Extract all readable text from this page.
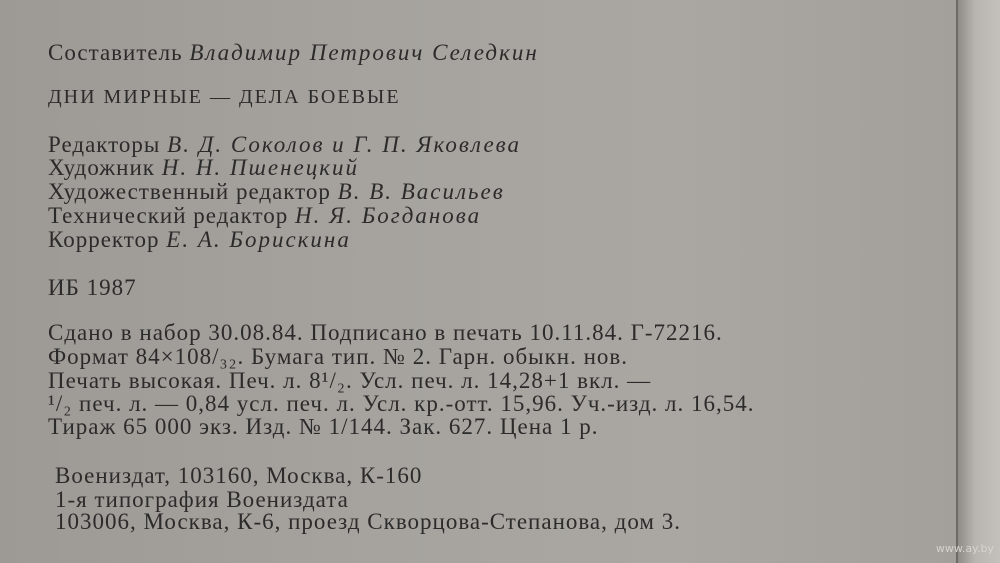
Составитель Владимир Петрович Селедкин
ДНИ МИРНЫЕ — ДЕЛА БОЕВЫЕ
Редакторы В. Д. Соколов и Г. П. Яковлева
Художник Н. Н. Пшенецкий
Художественный редактор В. В. Васильев
Технический редактор Н. Я. Богданова
Корректор Е. А. Борискина
ИБ 1987
Сдано в набор 30.08.84. Подписано в печать 10.11.84. Г-72216.
Формат 84×108/₃₂. Бумага тип. № 2. Гарн. обыкн. нов.
Печать высокая. Печ. л. 8¹/₂. Усл. печ. л. 14,28+1 вкл. —
¹/₂ печ. л. — 0,84 усл. печ. л. Усл. кр.-отт. 15,96. Уч.-изд. л. 16,54.
Тираж 65 000 экз. Изд. № 1/144. Зак. 627. Цена 1 р.
Воениздат, 103160, Москва, К-160
1-я типография Воениздата
103006, Москва, К-6, проезд Скворцова-Степанова, дом 3.
www.ay.by
